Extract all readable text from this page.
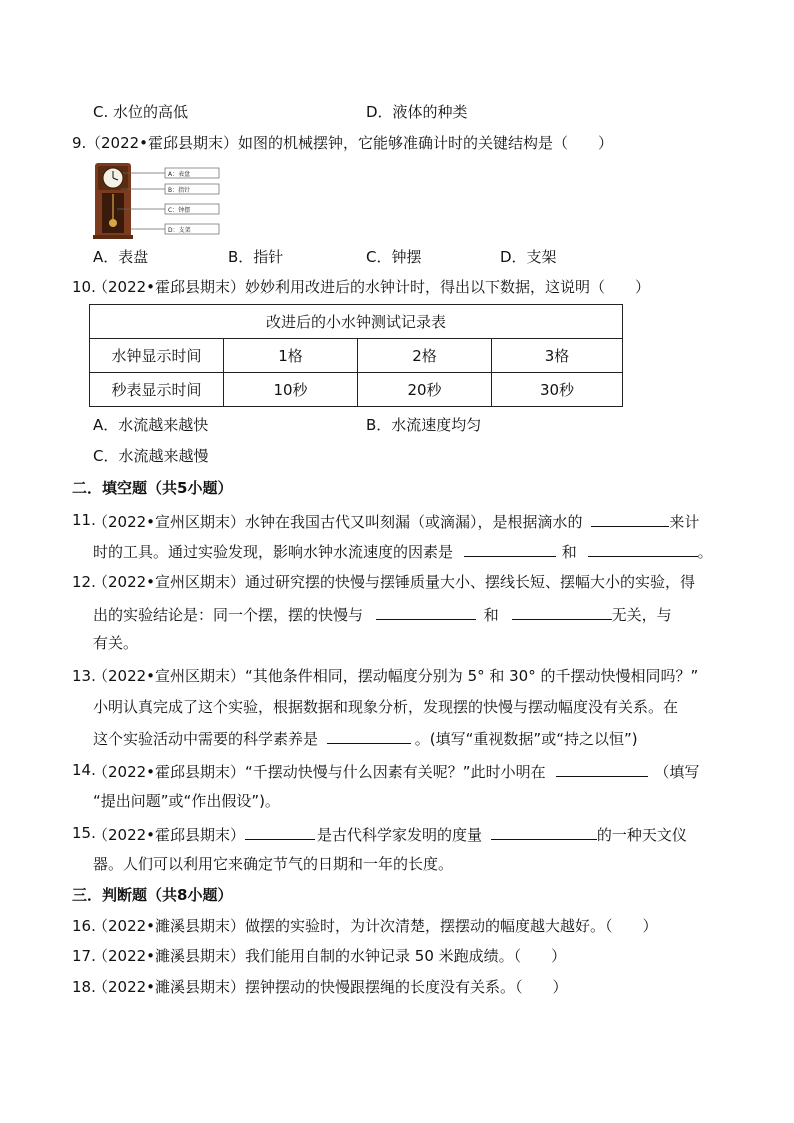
C. 水位的高低	D．液体的种类
9. （2022•霍邱县期末）如图的机械摆钟，它能够准确计时的关键结构是（　　）
A：表盘
B：指针
C：钟摆
D：支架
A．表盘	B．指针	C．钟摆	D．支架
10.
（2022•霍邱县期末）妙妙利用改进后的水钟计时，得出以下数据，这说明（　　）
改进后的小水钟测试记录表			
水钟显示时间	1格	2格	3格
秒表显示时间	10秒	20秒	30秒
A．水流越来越快	B．水流速度均匀
C．水流越来越慢
二．填空题（共5小题）
11.
（2022•宣州区期末）水钟在我国古代又叫刻漏（或滴漏），是根据滴水的	来计
时的工具。通过实验发现，影响水钟水流速度的因素是	和	。
12.
（2022•宣州区期末）通过研究摆的快慢与摆锤质量大小、摆线长短、摆幅大小的实验，得
出的实验结论是：同一个摆，摆的快慢与	和	无关，与
有关。
13.
（2022•宣州区期末）“其他条件相同，摆动幅度分别为 5° 和 30° 的千摆动快慢相同吗？”
小明认真完成了这个实验，根据数据和现象分析，发现摆的快慢与摆动幅度没有关系。在
这个实验活动中需要的科学素养是	。(填写“重视数据”或“持之以恒”)
14.
（2022•霍邱县期末）“千摆动快慢与什么因素有关呢？”此时小明在	（填写
“提出问题”或“作出假设”)。
15.
（2022•霍邱县期末）	是古代科学家发明的度量	的一种天文仪
器。人们可以利用它来确定节气的日期和一年的长度。
三．判断题（共8小题）
16.
（2022•濉溪县期末）做摆的实验时，为计次清楚，摆摆动的幅度越大越好。（　　）
17.
（2022•濉溪县期末）我们能用自制的水钟记录 50 米跑成绩。（　　）
18.
（2022•濉溪县期末）摆钟摆动的快慢跟摆绳的长度没有关系。（　　）
